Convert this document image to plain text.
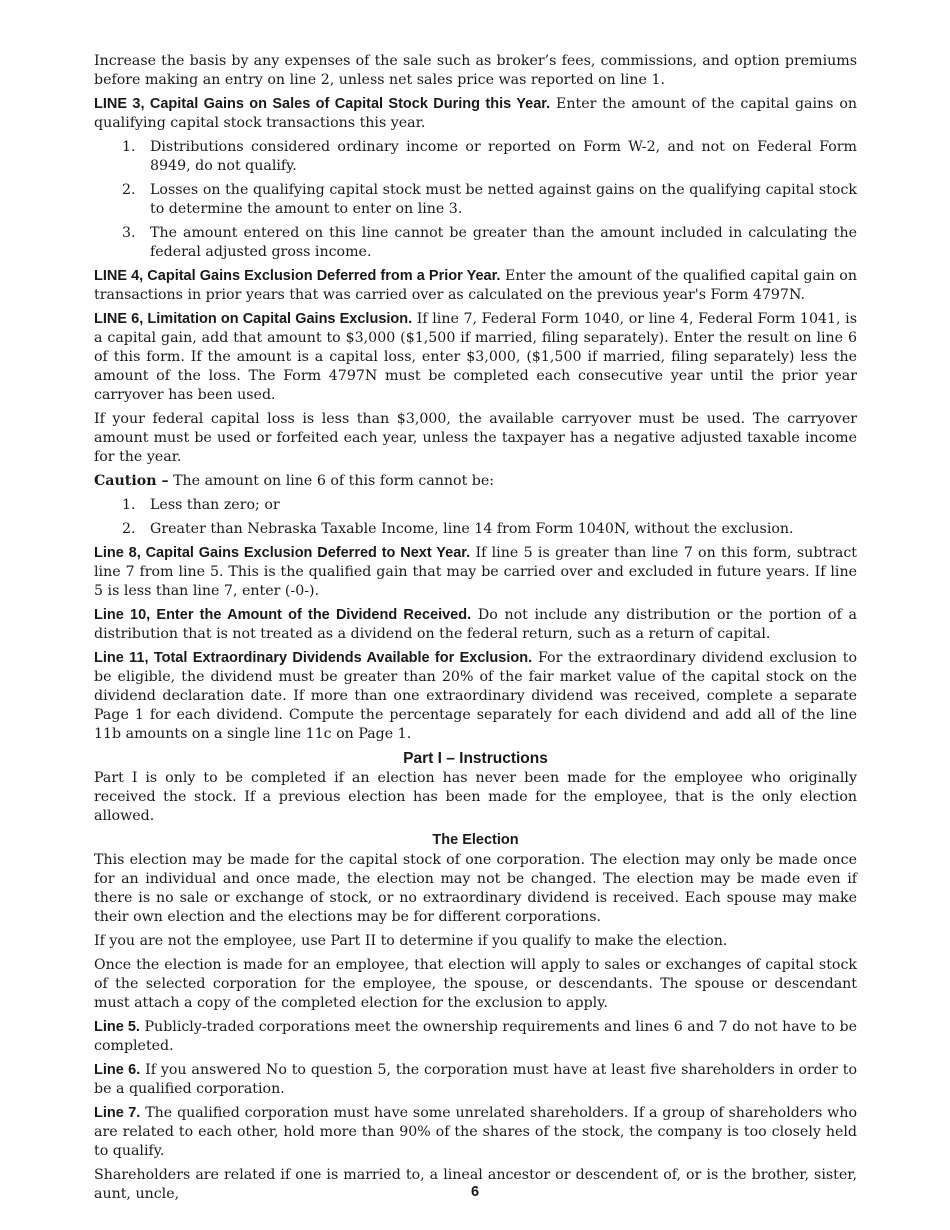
Increase the basis by any expenses of the sale such as broker’s fees, commissions, and option premiums before making an entry on line 2, unless net sales price was reported on line 1.

LINE 3, Capital Gains on Sales of Capital Stock During this Year. Enter the amount of the capital gains on qualifying capital stock transactions this year.

1. Distributions considered ordinary income or reported on Form W-2, and not on Federal Form 8949, do not qualify.
2. Losses on the qualifying capital stock must be netted against gains on the qualifying capital stock to determine the amount to enter on line 3.
3. The amount entered on this line cannot be greater than the amount included in calculating the federal adjusted gross income.

LINE 4, Capital Gains Exclusion Deferred from a Prior Year. Enter the amount of the qualified capital gain on transactions in prior years that was carried over as calculated on the previous year's Form 4797N.

LINE 6, Limitation on Capital Gains Exclusion. If line 7, Federal Form 1040, or line 4, Federal Form 1041, is a capital gain, add that amount to $3,000 ($1,500 if married, filing separately). Enter the result on line 6 of this form. If the amount is a capital loss, enter $3,000, ($1,500 if married, filing separately) less the amount of the loss. The Form 4797N must be completed each consecutive year until the prior year carryover has been used.

If your federal capital loss is less than $3,000, the available carryover must be used. The carryover amount must be used or forfeited each year, unless the taxpayer has a negative adjusted taxable income for the year.

Caution – The amount on line 6 of this form cannot be:

1. Less than zero; or
2. Greater than Nebraska Taxable Income, line 14 from Form 1040N, without the exclusion.

Line 8, Capital Gains Exclusion Deferred to Next Year. If line 5 is greater than line 7 on this form, subtract line 7 from line 5. This is the qualified gain that may be carried over and excluded in future years. If line 5 is less than line 7, enter (-0-).

Line 10, Enter the Amount of the Dividend Received. Do not include any distribution or the portion of a distribution that is not treated as a dividend on the federal return, such as a return of capital.

Line 11, Total Extraordinary Dividends Available for Exclusion. For the extraordinary dividend exclusion to be eligible, the dividend must be greater than 20% of the fair market value of the capital stock on the dividend declaration date. If more than one extraordinary dividend was received, complete a separate Page 1 for each dividend. Compute the percentage separately for each dividend and add all of the line 11b amounts on a single line 11c on Page 1.

Part I – Instructions

Part I is only to be completed if an election has never been made for the employee who originally received the stock. If a previous election has been made for the employee, that is the only election allowed.

The Election

This election may be made for the capital stock of one corporation. The election may only be made once for an individual and once made, the election may not be changed. The election may be made even if there is no sale or exchange of stock, or no extraordinary dividend is received. Each spouse may make their own election and the elections may be for different corporations.

If you are not the employee, use Part II to determine if you qualify to make the election.

Once the election is made for an employee, that election will apply to sales or exchanges of capital stock of the selected corporation for the employee, the spouse, or descendants. The spouse or descendant must attach a copy of the completed election for the exclusion to apply.

Line 5. Publicly-traded corporations meet the ownership requirements and lines 6 and 7 do not have to be completed.

Line 6. If you answered No to question 5, the corporation must have at least five shareholders in order to be a qualified corporation.

Line 7. The qualified corporation must have some unrelated shareholders. If a group of shareholders who are related to each other, hold more than 90% of the shares of the stock, the company is too closely held to qualify.

Shareholders are related if one is married to, a lineal ancestor or descendent of, or is the brother, sister, aunt, uncle,	6
